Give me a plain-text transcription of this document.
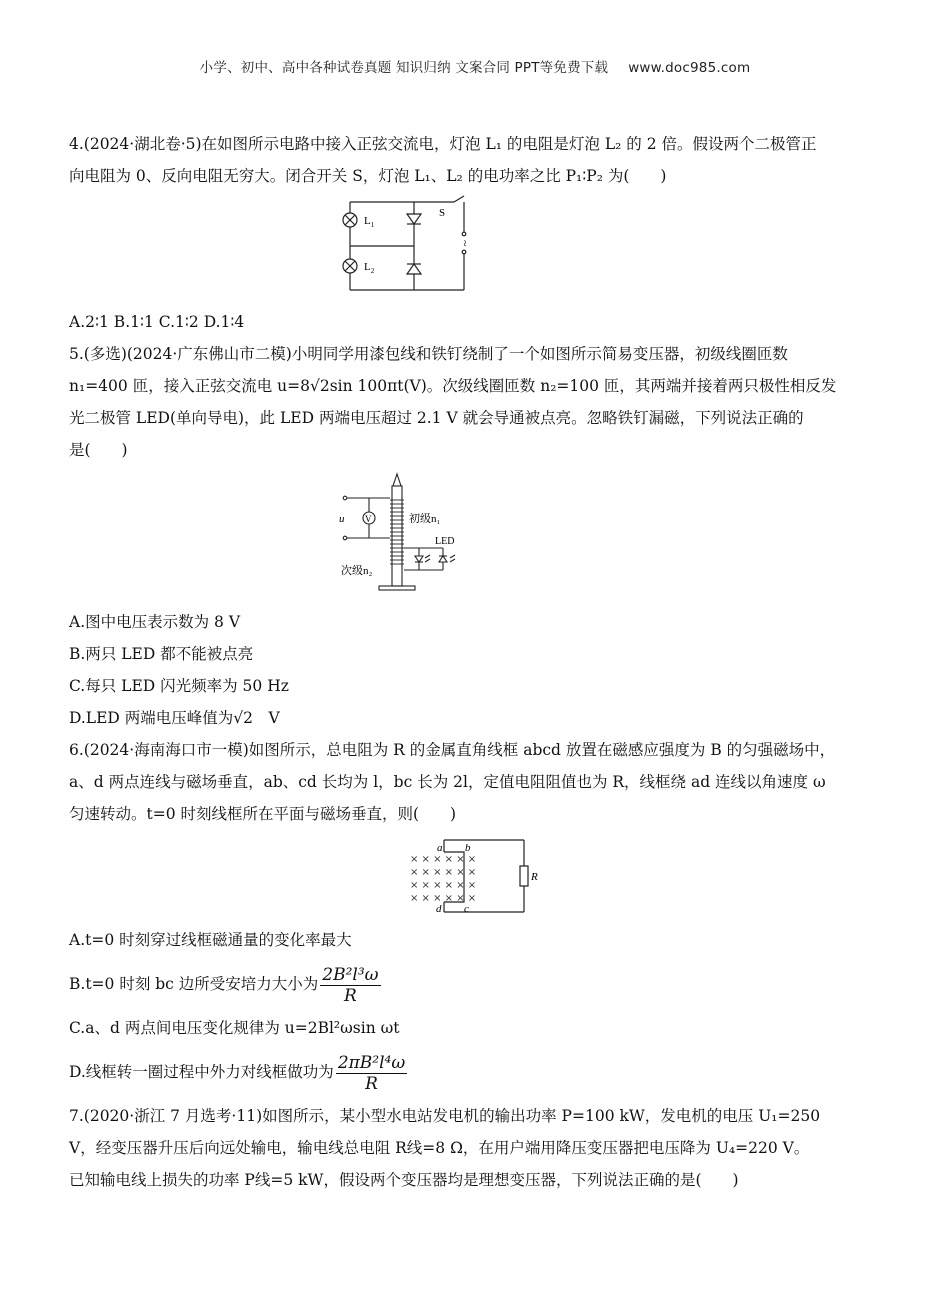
小学、初中、高中各种试卷真题 知识归纳 文案合同 PPT等免费下载 www.doc985.com

4.(2024·湖北卷·5)在如图所示电路中接入正弦交流电，灯泡 L₁ 的电阻是灯泡 L₂ 的 2 倍。假设两个二极管正

向电阻为 0、反向电阻无穷大。闭合开关 S，灯泡 L₁、L₂ 的电功率之比 P₁∶P₂ 为(　　)

$L_1$
$L_2$
S
~

A.2∶1 B.1∶1 C.1∶2 D.1∶4

5.(多选)(2024·广东佛山市二模)小明同学用漆包线和铁钉绕制了一个如图所示简易变压器，初级线圈匝数

n₁=400 匝，接入正弦交流电 u=8√2sin 100πt(V)。次级线圈匝数 n₂=100 匝，其两端并接着两只极性相反发

光二极管 LED(单向导电)，此 LED 两端电压超过 2.1 V 就会导通被点亮。忽略铁钉漏磁，下列说法正确的

是(　　)

V
u	初级n₁
次级n₂
LED

A.图中电压表示数为 8 V

B.两只 LED 都不能被点亮

C.每只 LED 闪光频率为 50 Hz

D.LED 两端电压峰值为√2　V

6.(2024·海南海口市一模)如图所示，总电阻为 R 的金属直角线框 abcd 放置在磁感应强度为 B 的匀强磁场中，

a、d 两点连线与磁场垂直，ab、cd 长均为 l，bc 长为 2l，定值电阻阻值也为 R，线框绕 ad 连线以角速度 ω

匀速转动。t=0 时刻线框所在平面与磁场垂直，则(　　)

× × × × × ×
× × × × × ×
× × × × × ×
× × × × × ×
a b
c
d
R

A.t=0 时刻穿过线框磁通量的变化率最大

B.t=0 时刻 bc 边所受安培力大小为 $\frac{\text{2B²l³ω}}{R}$

C.a、d 两点间电压变化规律为 u=2Bl²ωsin ωt

D.线框转一圈过程中外力对线框做功为 $\frac{\text{2πB²l⁴ω}}{R}$

7.(2020·浙江 7 月选考·11)如图所示，某小型水电站发电机的输出功率 P=100 kW，发电机的电压 U₁=250

V，经变压器升压后向远处输电，输电线总电阻 R线=8 Ω，在用户端用降压变压器把电压降为 U₄=220 V。

已知输电线上损失的功率 P线=5 kW，假设两个变压器均是理想变压器，下列说法正确的是(　　)
